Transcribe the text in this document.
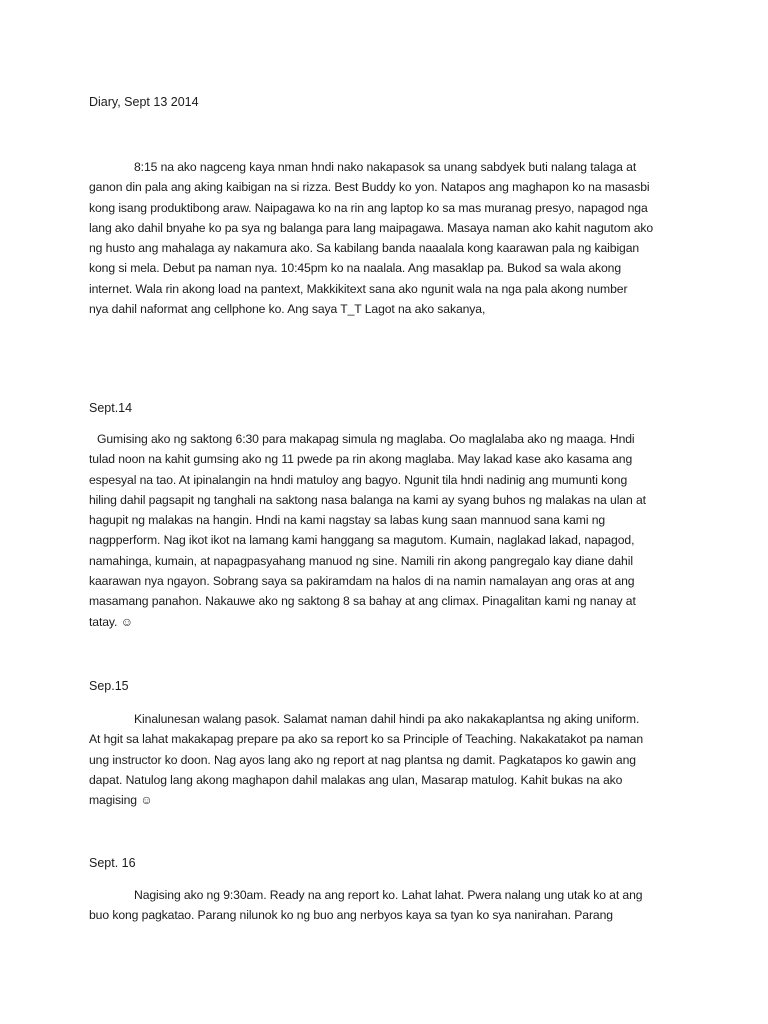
Diary, Sept 13 2014
8:15 na ako nagceng kaya nman hndi nako nakapasok sa unang sabdyek buti nalang talaga at
ganon din pala ang aking kaibigan na si rizza. Best Buddy ko yon. Natapos ang maghapon ko na masasbi
kong isang produktibong araw. Naipagawa ko na rin ang laptop ko sa mas muranag presyo, napagod nga
lang ako dahil bnyahe ko pa sya ng balanga para lang maipagawa. Masaya naman ako kahit nagutom ako
ng husto ang mahalaga ay nakamura ako. Sa kabilang banda naaalala kong kaarawan pala ng kaibigan
kong si mela. Debut pa naman nya. 10:45pm ko na naalala. Ang masaklap pa. Bukod sa wala akong
internet. Wala rin akong load na pantext, Makkikitext sana ako ngunit wala na nga pala akong number
nya dahil naformat ang cellphone ko. Ang saya T_T Lagot na ako sakanya,
Sept.14
Gumising ako ng saktong 6:30 para makapag simula ng maglaba. Oo maglalaba ako ng maaga. Hndi
tulad noon na kahit gumsing ako ng 11 pwede pa rin akong maglaba. May lakad kase ako kasama ang
espesyal na tao. At ipinalangin na hndi matuloy ang bagyo. Ngunit tila hndi nadinig ang mumunti kong
hiling dahil pagsapit ng tanghali na saktong nasa balanga na kami ay syang buhos ng malakas na ulan at
hagupit ng malakas na hangin. Hndi na kami nagstay sa labas kung saan mannuod sana kami ng
nagpperform. Nag ikot ikot na lamang kami hanggang sa magutom. Kumain, naglakad lakad, napagod,
namahinga, kumain, at napagpasyahang manuod ng sine. Namili rin akong pangregalo kay diane dahil
kaarawan nya ngayon. Sobrang saya sa pakiramdam na halos di na namin namalayan ang oras at ang
masamang panahon. Nakauwe ako ng saktong 8 sa bahay at ang climax. Pinagalitan kami ng nanay at
tatay. ☺
Sep.15
Kinalunesan walang pasok. Salamat naman dahil hindi pa ako nakakaplantsa ng aking uniform.
At hgit sa lahat makakapag prepare pa ako sa report ko sa Principle of Teaching. Nakakatakot pa naman
ung instructor ko doon. Nag ayos lang ako ng report at nag plantsa ng damit. Pagkatapos ko gawin ang
dapat. Natulog lang akong maghapon dahil malakas ang ulan, Masarap matulog. Kahit bukas na ako
magising ☺
Sept. 16
Nagising ako ng 9:30am. Ready na ang report ko. Lahat lahat. Pwera nalang ung utak ko at ang
buo kong pagkatao. Parang nilunok ko ng buo ang nerbyos kaya sa tyan ko sya nanirahan. Parang
